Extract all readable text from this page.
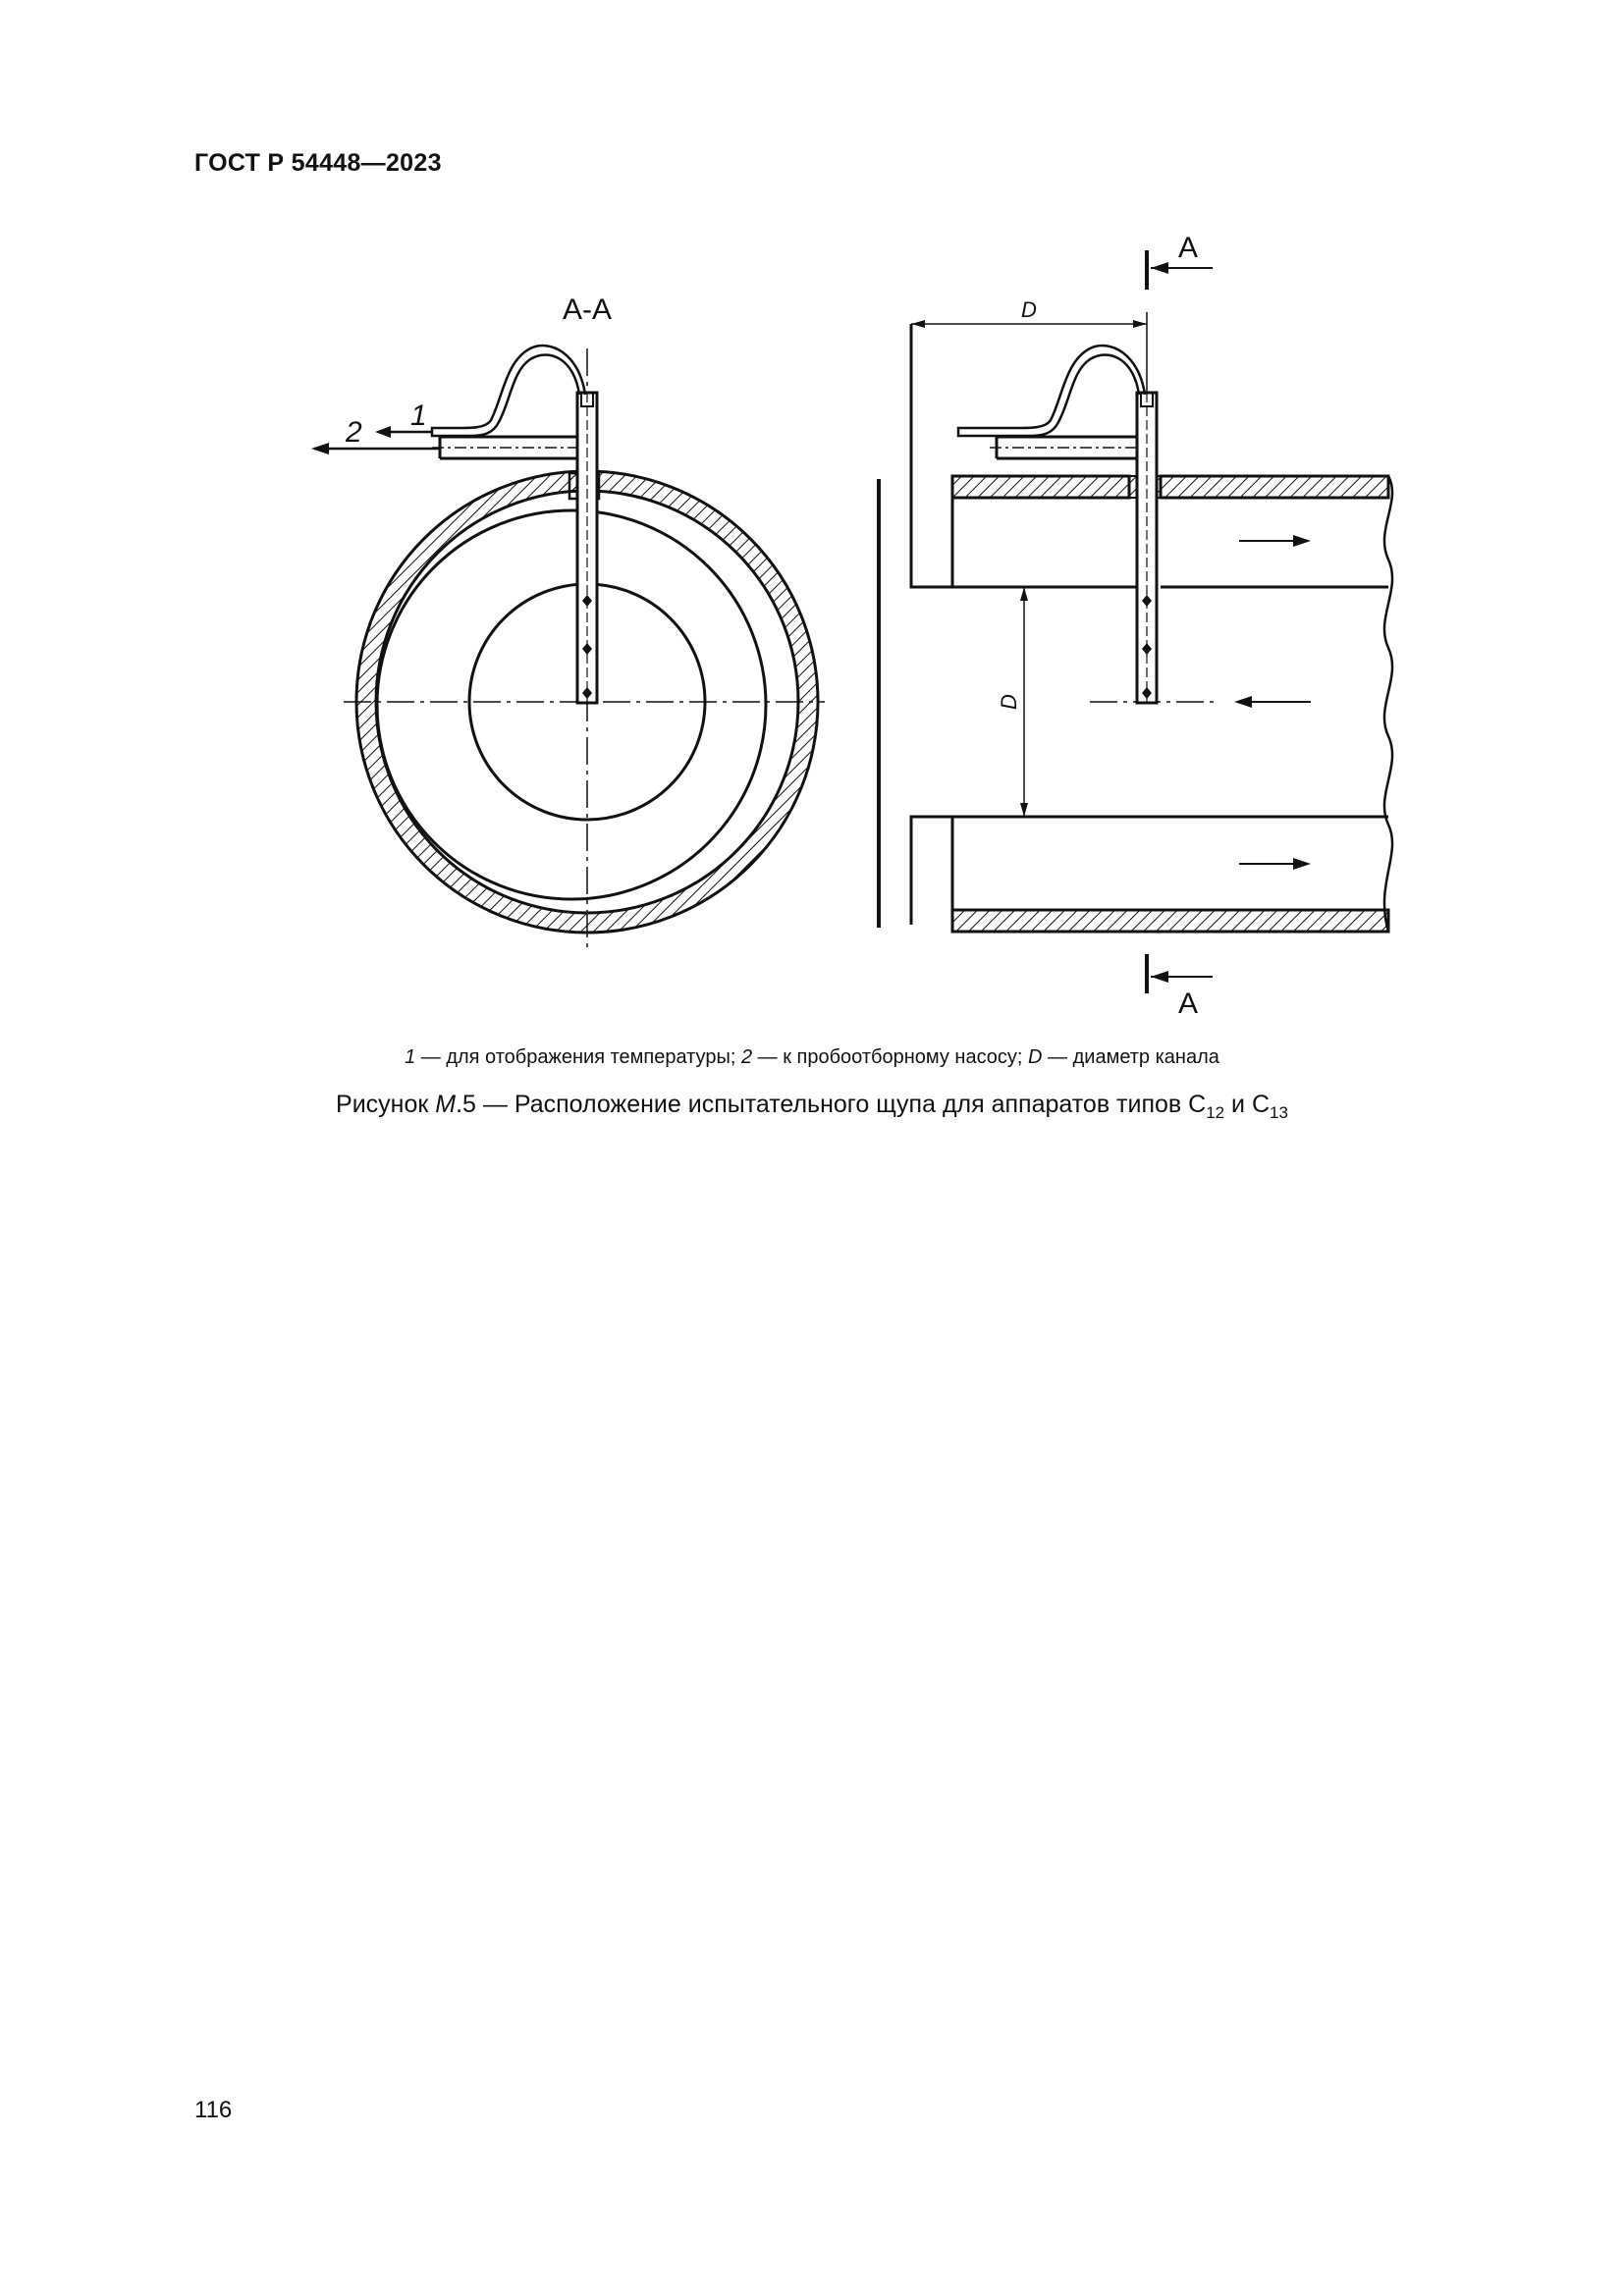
ГОСТ Р 54448—2023
А-А
1
2
D
D
А
А
1 — для отображения температуры; 2 — к пробоотборному насосу; D — диаметр канала
Рисунок М.5 — Расположение испытательного щупа для аппаратов типов $С_{12}$ и $С_{13}$
116
